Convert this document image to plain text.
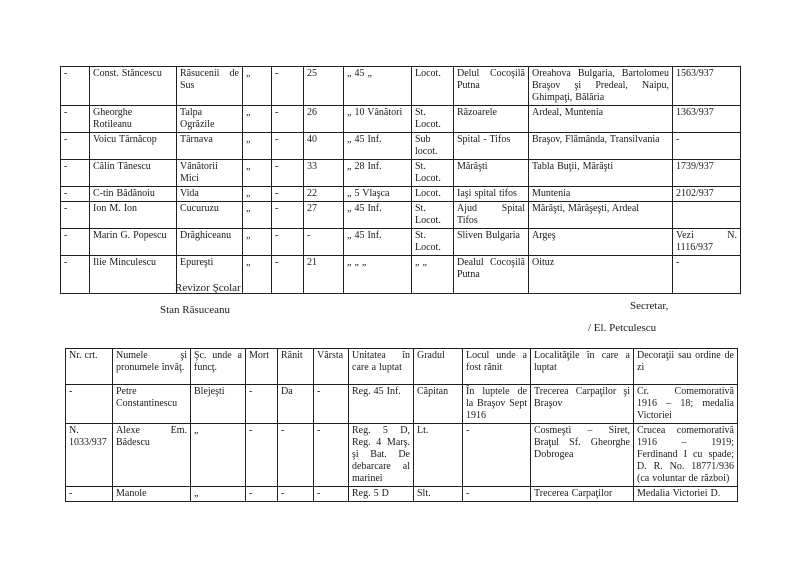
-	Const. Stăncescu	Răsucenii de Sus	„	-	25	„ 45 „	Locot.	Delul Cocoşilă Putna	Oreahova Bulgaria, Bartolomeu Braşov şi Predeal, Naipu, Ghimpaţi, Bălăria	1563/937
-	Gheorghe Rotileanu	Talpa Ogrăzile	„	-	26	„ 10 Vânători	St. Locot.	Răzoarele	Ardeal, Muntenia	1363/937
-	Voicu Târnăcop	Târnava	„	-	40	„ 45 Inf.	Sub locot.	Spital - Tifos	Braşov, Flămânda, Transilvania	-
-	Călin Tănescu	Vânătorii Mici	„	-	33	„ 28 Inf.	St. Locot.	Mărăşti	Tabla Buţii, Mărăşti	1739/937
-	C-tin Bădănoiu	Vida	„	-	22	„ 5 Vlaşca	Locot.	Iaşi spital tifos	Muntenia	2102/937
-	Ion M. Ion	Cucuruzu	„	-	27	„ 45 Inf.	St. Locot.	Ajud Spital Tifos	Mărăşti, Mărăşeşti, Ardeal	
-	Marin G. Popescu	Drăghiceanu	„	-	-	„ 45 Inf.	St. Locot.	Sliven Bulgaria	Argeş	Vezi N. 1116/937
-	Ilie Minculescu	Epureşti	„	-	21	„ „ „	„ „	Dealul Cocoşilă Putna	Oituz	-
Revizor Şcolar
Stan Răsuceanu	Secretar,
/ El. Petculescu
Nr. crt.	Numele şi pronumele învăţ.	Şc. unde a funcţ.	Mort	Rănit	Vârsta	Unitatea în care a luptat	Gradul	Locul unde a fost rănit	Localităţile în care a luptat	Decoraţii sau ordine de zi
-	Petre Constantinescu	Blejeşti	-	Da	-	Reg. 45 Inf.	Căpitan	În luptele de la Braşov Sept 1916	Trecerea Carpaţilor şi Braşov	Cr. Comemorativă 1916 – 18; medalia Victoriei
N. 1033/937	Alexe Em. Bădescu	„	-	-	-	Reg. 5 D, Reg. 4 Marş. şi Bat. De debarcare al marinei	Lt.	-	Cosmeşti – Siret, Braţul Sf. Gheorghe Dobrogea	Crucea comemorativă 1916 – 1919; Ferdinand I cu spade; D. R. No. 18771/936 (ca voluntar de război)
-	Manole	„	-	-	-	Reg. 5 D	Slt.	-	Trecerea Carpaţilor	Medalia Victoriei D.
